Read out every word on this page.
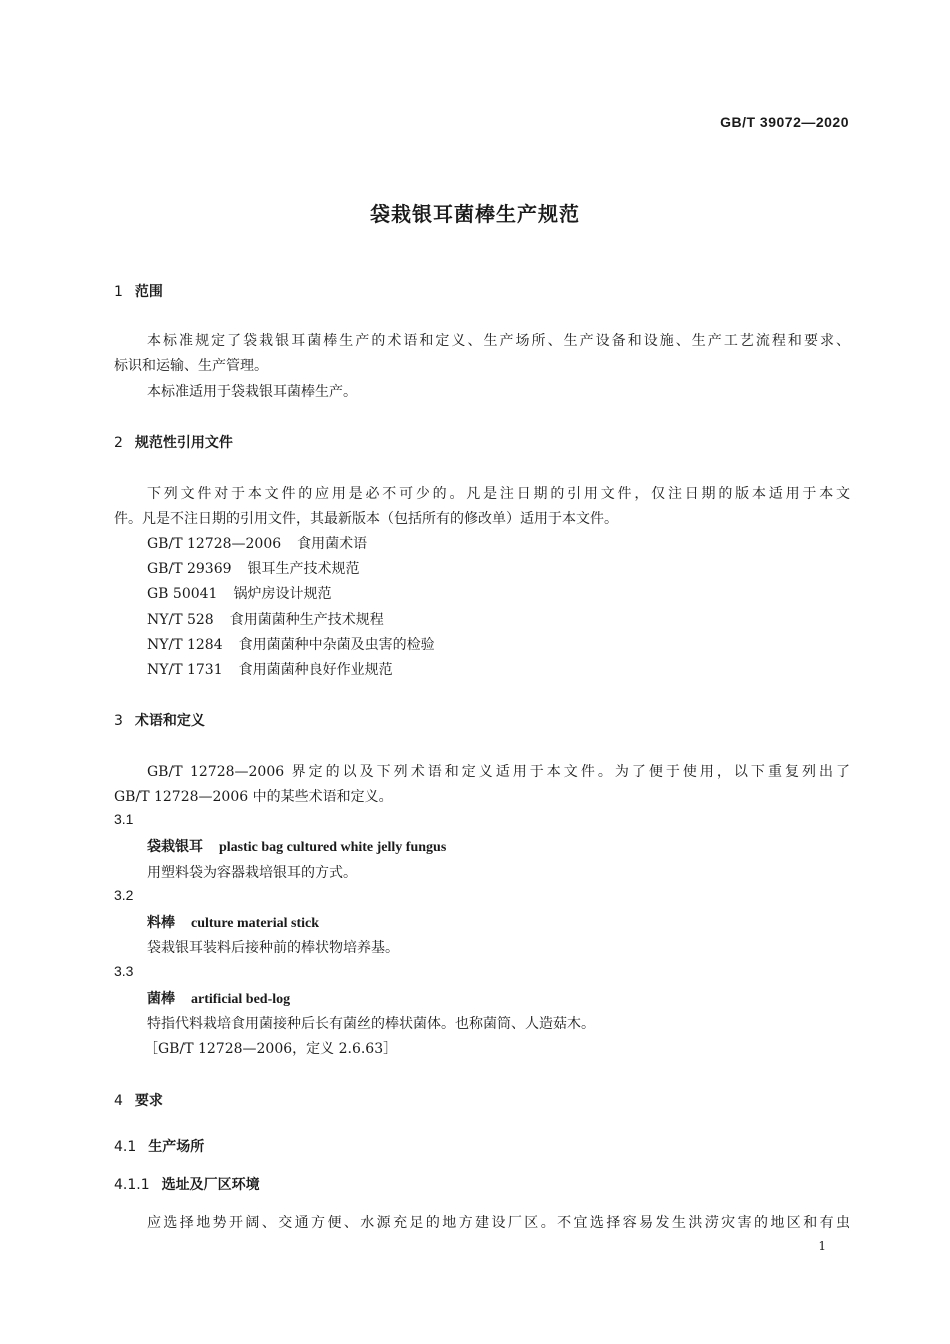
GB/T 39072—2020
袋栽银耳菌棒生产规范
1 范围
本标准规定了袋栽银耳菌棒生产的术语和定义、生产场所、生产设备和设施、生产工艺流程和要求、
标识和运输、生产管理。
本标准适用于袋栽银耳菌棒生产。
2 规范性引用文件
下列文件对于本文件的应用是必不可少的。凡是注日期的引用文件，仅注日期的版本适用于本文
件。凡是不注日期的引用文件，其最新版本（包括所有的修改单）适用于本文件。
GB/T 12728—2006 食用菌术语
GB/T 29369 银耳生产技术规范
GB 50041 锅炉房设计规范
NY/T 528 食用菌菌种生产技术规程
NY/T 1284 食用菌菌种中杂菌及虫害的检验
NY/T 1731 食用菌菌种良好作业规范
3 术语和定义
GB/T 12728—2006 界定的以及下列术语和定义适用于本文件。为了便于使用，以下重复列出了
GB/T 12728—2006 中的某些术语和定义。
3.1
袋栽银耳 plastic bag cultured white jelly fungus
用塑料袋为容器栽培银耳的方式。
3.2
料棒 culture material stick
袋栽银耳装料后接种前的棒状物培养基。
3.3
菌棒 artificial bed-log
特指代料栽培食用菌接种后长有菌丝的棒状菌体。也称菌筒、人造菇木。
［GB/T 12728—2006，定义 2.6.63］
4 要求
4.1 生产场所
4.1.1 选址及厂区环境
应选择地势开阔、交通方便、水源充足的地方建设厂区。不宜选择容易发生洪涝灾害的地区和有虫
1
